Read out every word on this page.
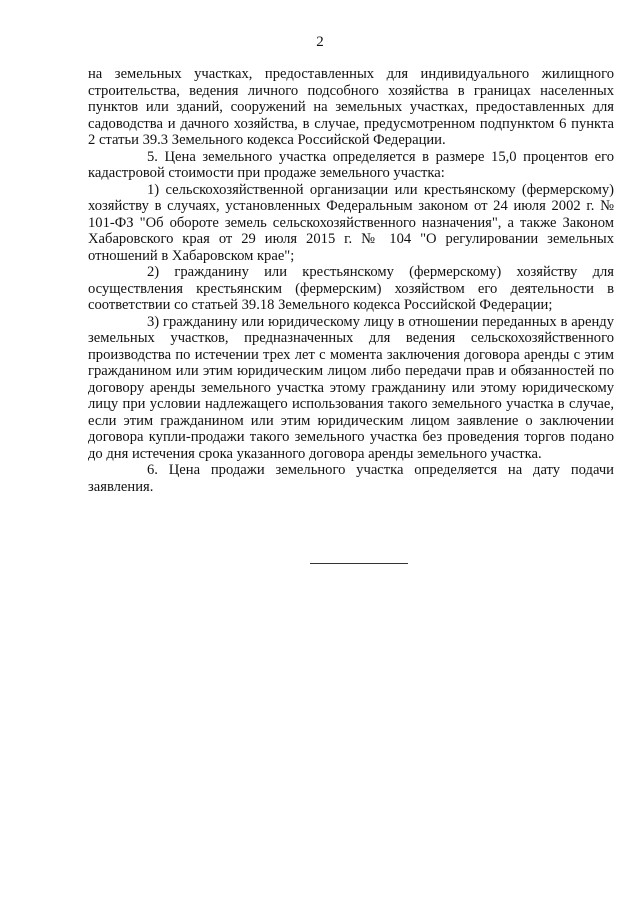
2

на земельных участках, предоставленных для индивидуального жилищного строительства, ведения личного подсобного хозяйства в границах населенных пунктов или зданий, сооружений на земельных участках, предоставленных для садоводства и дачного хозяйства, в случае, предусмотренном подпунктом 6 пункта 2 статьи 39.3 Земельного кодекса Российской Федерации.

5. Цена земельного участка определяется в размере 15,0 процентов его кадастровой стоимости при продаже земельного участка:

1) сельскохозяйственной организации или крестьянскому (фермерскому) хозяйству в случаях, установленных Федеральным законом от 24 июля 2002 г. № 101-ФЗ "Об обороте земель сельскохозяйственного назначения", а также Законом Хабаровского края от 29 июля 2015 г. № 104 "О регулировании земельных отношений в Хабаровском крае";

2) гражданину или крестьянскому (фермерскому) хозяйству для осуществления крестьянским (фермерским) хозяйством его деятельности в соответствии со статьей 39.18 Земельного кодекса Российской Федерации;

3) гражданину или юридическому лицу в отношении переданных в аренду земельных участков, предназначенных для ведения сельскохозяйственного производства по истечении трех лет с момента заключения договора аренды с этим гражданином или этим юридическим лицом либо передачи прав и обязанностей по договору аренды земельного участка этому гражданину или этому юридическому лицу при условии надлежащего использования такого земельного участка в случае, если этим гражданином или этим юридическим лицом заявление о заключении договора купли-продажи такого земельного участка без проведения торгов подано до дня истечения срока указанного договора аренды земельного участка.

6. Цена продажи земельного участка определяется на дату подачи заявления.
